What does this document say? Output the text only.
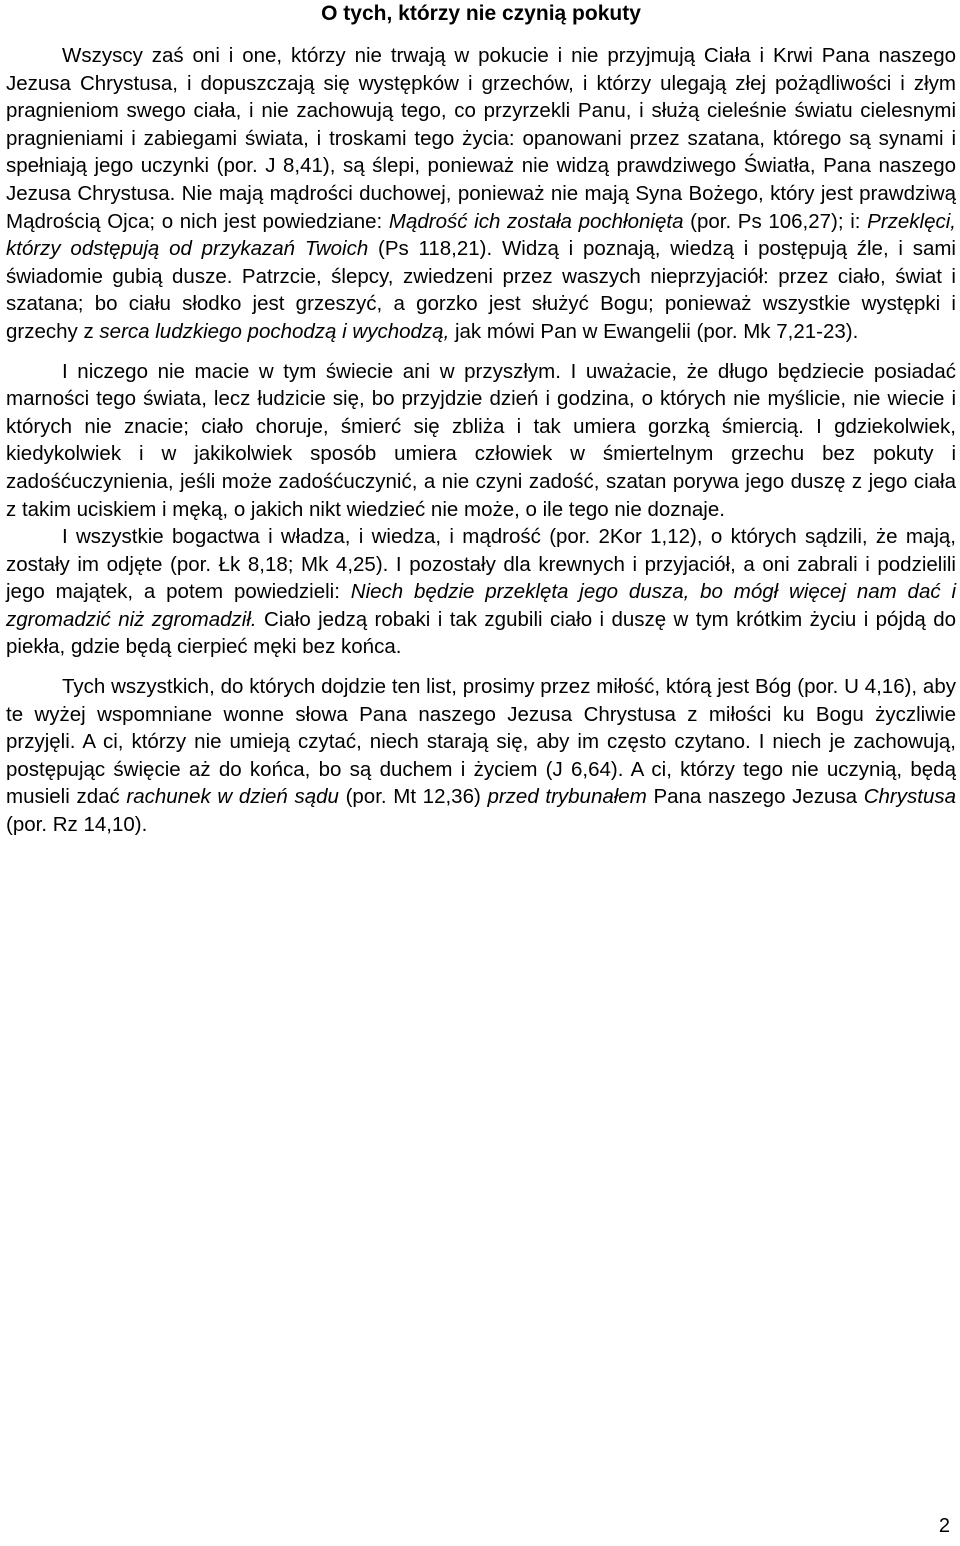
O tych, którzy nie czynią pokuty

Wszyscy zaś oni i one, którzy nie trwają w pokucie i nie przyjmują Ciała i Krwi Pana naszego Jezusa Chrystusa, i dopuszczają się występków i grzechów, i którzy ulegają złej pożądliwości i złym pragnieniom swego ciała, i nie zachowują tego, co przyrzekli Panu, i służą cieleśnie światu cielesnymi pragnieniami i zabiegami świata, i troskami tego życia: opanowani przez szatana, którego są synami i spełniają jego uczynki (por. J 8,41), są ślepi, ponieważ nie widzą prawdziwego Światła, Pana naszego Jezusa Chrystusa. Nie mają mądrości duchowej, ponieważ nie mają Syna Bożego, który jest prawdziwą Mądrością Ojca; o nich jest powiedziane: Mądrość ich została pochłonięta (por. Ps 106,27); i: Przeklęci, którzy odstępują od przykazań Twoich (Ps 118,21). Widzą i poznają, wiedzą i postępują źle, i sami świadomie gubią dusze. Patrzcie, ślepcy, zwiedzeni przez waszych nieprzyjaciół: przez ciało, świat i szatana; bo ciału słodko jest grzeszyć, a gorzko jest służyć Bogu; ponieważ wszystkie występki i grzechy z serca ludzkiego pochodzą i wychodzą, jak mówi Pan w Ewangelii (por. Mk 7,21-23).

I niczego nie macie w tym świecie ani w przyszłym. I uważacie, że długo będziecie posiadać marności tego świata, lecz łudzicie się, bo przyjdzie dzień i godzina, o których nie myślicie, nie wiecie i których nie znacie; ciało choruje, śmierć się zbliża i tak umiera gorzką śmiercią. I gdziekolwiek, kiedykolwiek i w jakikolwiek sposób umiera człowiek w śmiertelnym grzechu bez pokuty i zadośćuczynienia, jeśli może zadośćuczynić, a nie czyni zadość, szatan porywa jego duszę z jego ciała z takim uciskiem i męką, o jakich nikt wiedzieć nie może, o ile tego nie doznaje.

I wszystkie bogactwa i władza, i wiedza, i mądrość (por. 2Kor 1,12), o których sądzili, że mają, zostały im odjęte (por. Łk 8,18; Mk 4,25). I pozostały dla krewnych i przyjaciół, a oni zabrali i podzielili jego majątek, a potem powiedzieli: Niech będzie przeklęta jego dusza, bo mógł więcej nam dać i zgromadzić niż zgromadził. Ciało jedzą robaki i tak zgubili ciało i duszę w tym krótkim życiu i pójdą do piekła, gdzie będą cierpieć męki bez końca.

Tych wszystkich, do których dojdzie ten list, prosimy przez miłość, którą jest Bóg (por. U 4,16), aby te wyżej wspomniane wonne słowa Pana naszego Jezusa Chrystusa z miłości ku Bogu życzliwie przyjęli. A ci, którzy nie umieją czytać, niech starają się, aby im często czytano. I niech je zachowują, postępując święcie aż do końca, bo są duchem i życiem (J 6,64). A ci, którzy tego nie uczynią, będą musieli zdać rachunek w dzień sądu (por. Mt 12,36) przed trybunałem Pana naszego Jezusa Chrystusa (por. Rz 14,10).

2
